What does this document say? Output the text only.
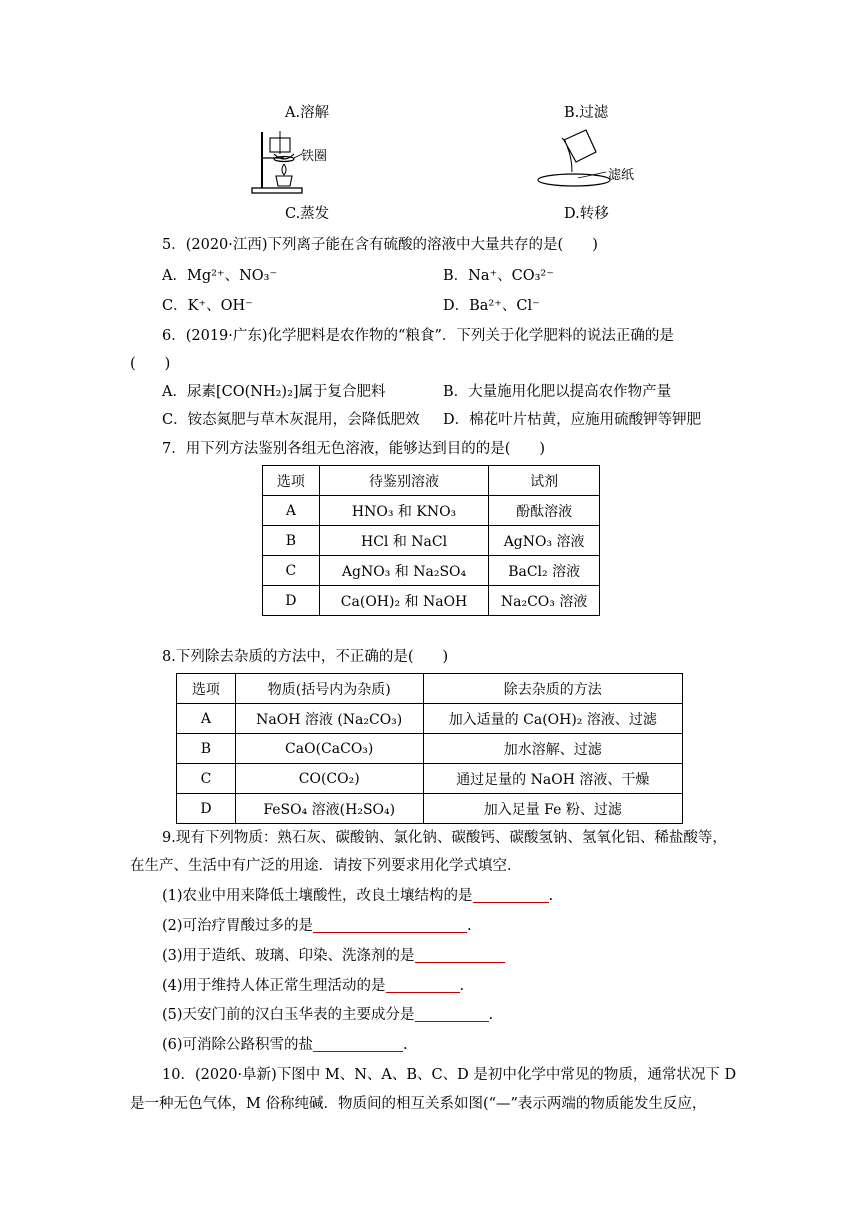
A.溶解	B.过滤
铁圈
滤纸
C.蒸发	D.转移
5．(2020·江西)下列离子能在含有硫酸的溶液中大量共存的是(　　)
A．Mg²⁺、NO₃⁻	B．Na⁺、CO₃²⁻
C．K⁺、OH⁻	D．Ba²⁺、Cl⁻
6．(2019·广东)化学肥料是农作物的“粮食”．下列关于化学肥料的说法正确的是
(　　)
A．尿素[CO(NH₂)₂]属于复合肥料	B．大量施用化肥以提高农作物产量
C．铵态氮肥与草木灰混用，会降低肥效 D．棉花叶片枯黄，应施用硫酸钾等钾肥
7．用下列方法鉴别各组无色溶液，能够达到目的的是(　　)
选项	待鉴别溶液	试剂
A	HNO₃ 和 KNO₃	酚酞溶液
B	HCl 和 NaCl	AgNO₃ 溶液
C	AgNO₃ 和 Na₂SO₄	BaCl₂ 溶液
D	Ca(OH)₂ 和 NaOH	Na₂CO₃ 溶液
8.下列除去杂质的方法中，不正确的是(　　)
选项	物质(括号内为杂质)	除去杂质的方法
A	NaOH 溶液 (Na₂CO₃)	加入适量的 Ca(OH)₂ 溶液、过滤
B	CaO(CaCO₃)	加水溶解、过滤
C	CO(CO₂)	通过足量的 NaOH 溶液、干燥
D	FeSO₄ 溶液(H₂SO₄)	加入足量 Fe 粉、过滤
9.现有下列物质：熟石灰、碳酸钠、氯化钠、碳酸钙、碳酸氢钠、氢氧化铝、稀盐酸等，
在生产、生活中有广泛的用途．请按下列要求用化学式填空．
(1)农业中用来降低土壤酸性，改良土壤结构的是	.
(2)可治疗胃酸过多的是	.
(3)用于造纸、玻璃、印染、洗涤剂的是
(4)用于维持人体正常生理活动的是	.
(5)天安门前的汉白玉华表的主要成分是	.
(6)可消除公路积雪的盐	.
10．(2020·阜新)下图中 M、N、A、B、C、D 是初中化学中常见的物质，通常状况下 D
是一种无色气体，M 俗称纯碱．物质间的相互关系如图(“—”表示两端的物质能发生反应，
